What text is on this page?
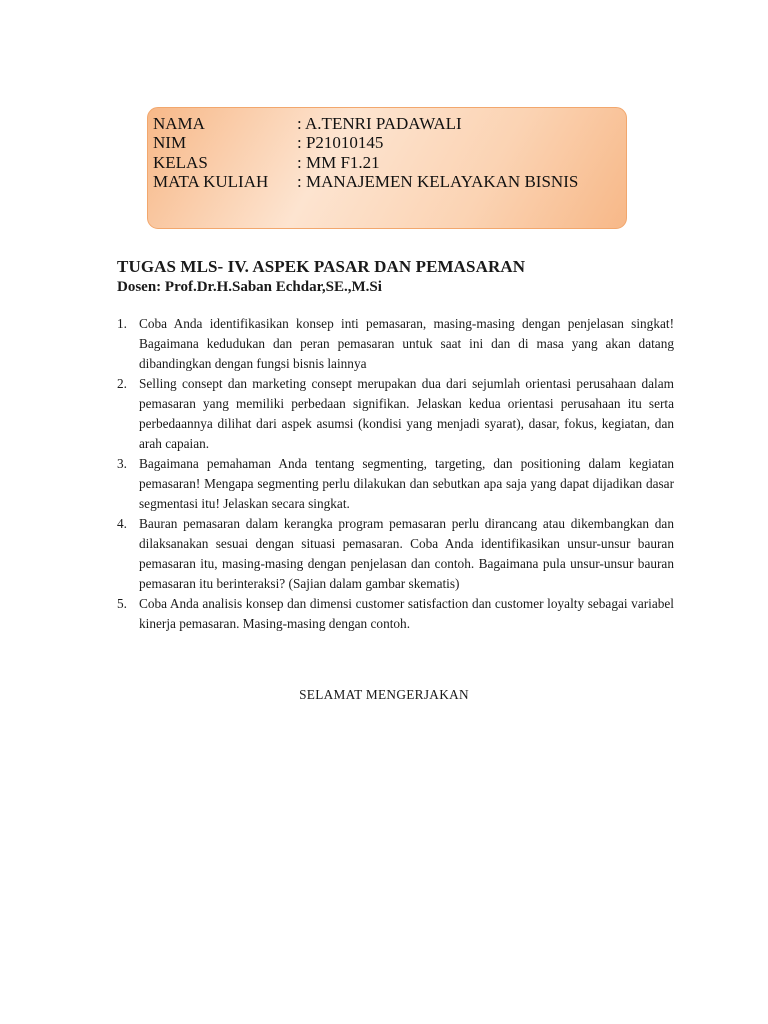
NAMA	: A.TENRI PADAWALI
NIM	: P21010145
KELAS	: MM F1.21
MATA KULIAH : MANAJEMEN KELAYAKAN BISNIS
TUGAS MLS- IV. ASPEK PASAR DAN PEMASARAN
Dosen: Prof.Dr.H.Saban Echdar,SE.,M.Si
1. Coba Anda identifikasikan konsep inti pemasaran, masing-masing dengan penjelasan singkat! Bagaimana kedudukan dan peran pemasaran untuk saat ini dan di masa yang akan datang dibandingkan dengan fungsi bisnis lainnya
2. Selling consept dan marketing consept merupakan dua dari sejumlah orientasi perusahaan dalam pemasaran yang memiliki perbedaan signifikan. Jelaskan kedua orientasi perusahaan itu serta perbedaannya dilihat dari aspek asumsi (kondisi yang menjadi syarat), dasar, fokus, kegiatan, dan arah capaian.
3. Bagaimana pemahaman Anda tentang segmenting, targeting, dan positioning dalam kegiatan pemasaran! Mengapa segmenting perlu dilakukan dan sebutkan apa saja yang dapat dijadikan dasar segmentasi itu! Jelaskan secara singkat.
4. Bauran pemasaran dalam kerangka program pemasaran perlu dirancang atau dikembangkan dan dilaksanakan sesuai dengan situasi pemasaran. Coba Anda identifikasikan unsur-unsur bauran pemasaran itu, masing-masing dengan penjelasan dan contoh. Bagaimana pula unsur-unsur bauran pemasaran itu berinteraksi? (Sajian dalam gambar skematis)
5. Coba Anda analisis konsep dan dimensi customer satisfaction dan customer loyalty sebagai variabel kinerja pemasaran. Masing-masing dengan contoh.
SELAMAT MENGERJAKAN
